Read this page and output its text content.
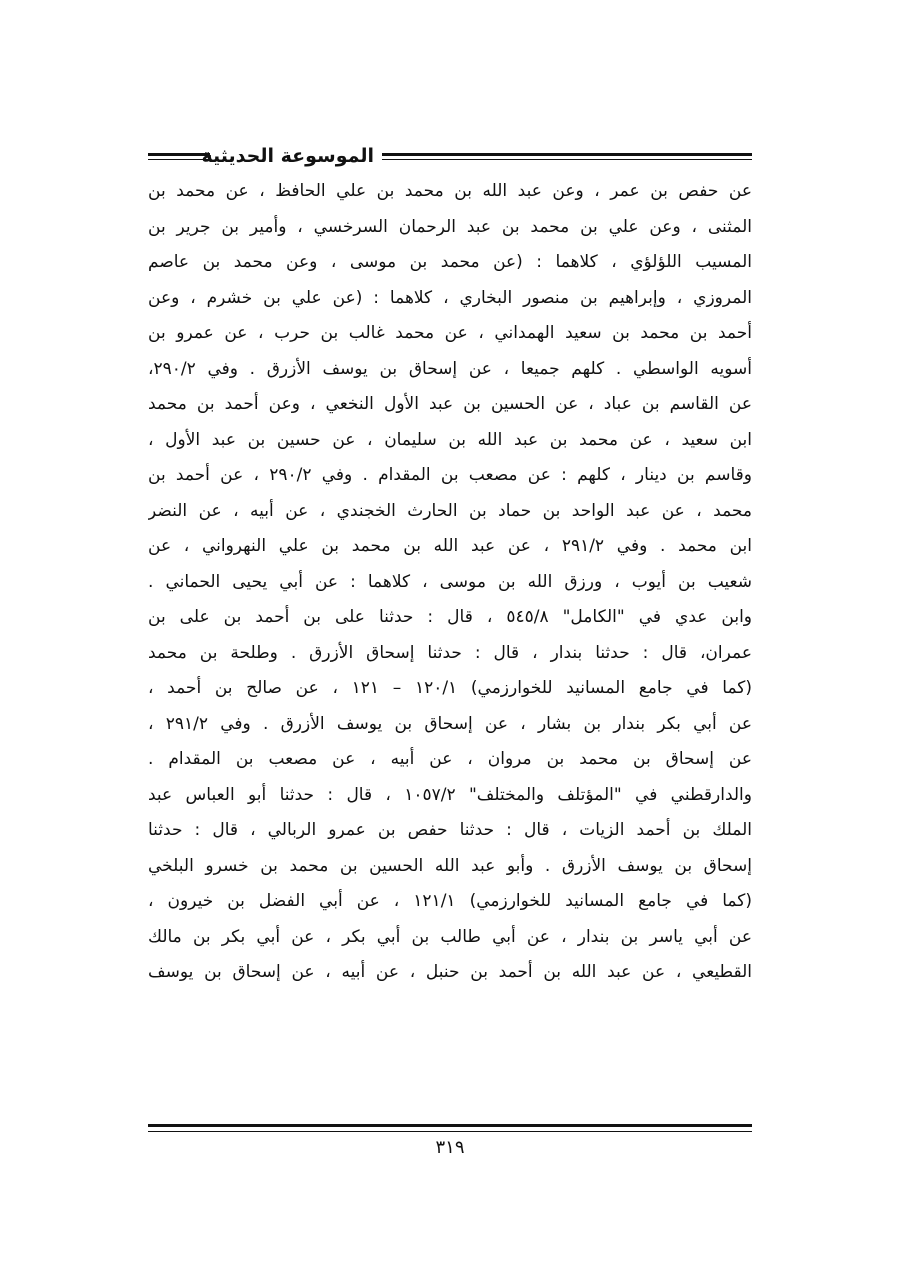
الموسوعة الحديثية
عن حفص بن عمر ، وعن عبد الله بن محمد بن علي الحافظ ، عن محمد بن
المثنى ، وعن علي بن محمد بن عبد الرحمان السرخسي ، وأمير بن جرير بن
المسيب اللؤلؤي ، كلاهما : (عن محمد بن موسى ، وعن محمد بن عاصم
المروزي ، وإبراهيم بن منصور البخاري ، كلاهما : (عن علي بن خشرم ، وعن
أحمد بن محمد بن سعيد الهمداني ، عن محمد غالب بن حرب ، عن عمرو بن
أسويه الواسطي . كلهم جميعا ، عن إسحاق بن يوسف الأزرق . وفي ٢٩٠/٢،
عن القاسم بن عباد ، عن الحسين بن عبد الأول النخعي ، وعن أحمد بن محمد
ابن سعيد ، عن محمد بن عبد الله بن سليمان ، عن حسين بن عبد الأول ،
وقاسم بن دينار ، كلهم : عن مصعب بن المقدام . وفي ٢٩٠/٢ ، عن أحمد بن
محمد ، عن عبد الواحد بن حماد بن الحارث الخجندي ، عن أبيه ، عن النضر
ابن محمد . وفي ٢٩١/٢ ، عن عبد الله بن محمد بن علي النهرواني ، عن
شعيب بن أيوب ، ورزق الله بن موسى ، كلاهما : عن أبي يحيى الحماني .
وابن عدي في "الكامل" ٥٤٥/٨ ، قال : حدثنا على بن أحمد بن على بن
عمران، قال : حدثنا بندار ، قال : حدثنا إسحاق الأزرق . وطلحة بن محمد
(كما في جامع المسانيد للخوارزمي) ١٢٠/١ – ١٢١ ، عن صالح بن أحمد ،
عن أبي بكر بندار بن بشار ، عن إسحاق بن يوسف الأزرق . وفي ٢٩١/٢ ،
عن إسحاق بن محمد بن مروان ، عن أبيه ، عن مصعب بن المقدام .
والدارقطني في "المؤتلف والمختلف" ١٠٥٧/٢ ، قال : حدثنا أبو العباس عبد
الملك بن أحمد الزيات ، قال : حدثنا حفص بن عمرو الربالي ، قال : حدثنا
إسحاق بن يوسف الأزرق . وأبو عبد الله الحسين بن محمد بن خسرو البلخي
(كما في جامع المسانيد للخوارزمي) ١٢١/١ ، عن أبي الفضل بن خيرون ،
عن أبي ياسر بن بندار ، عن أبي طالب بن أبي بكر ، عن أبي بكر بن مالك
القطيعي ، عن عبد الله بن أحمد بن حنبل ، عن أبيه ، عن إسحاق بن يوسف
٣١٩
